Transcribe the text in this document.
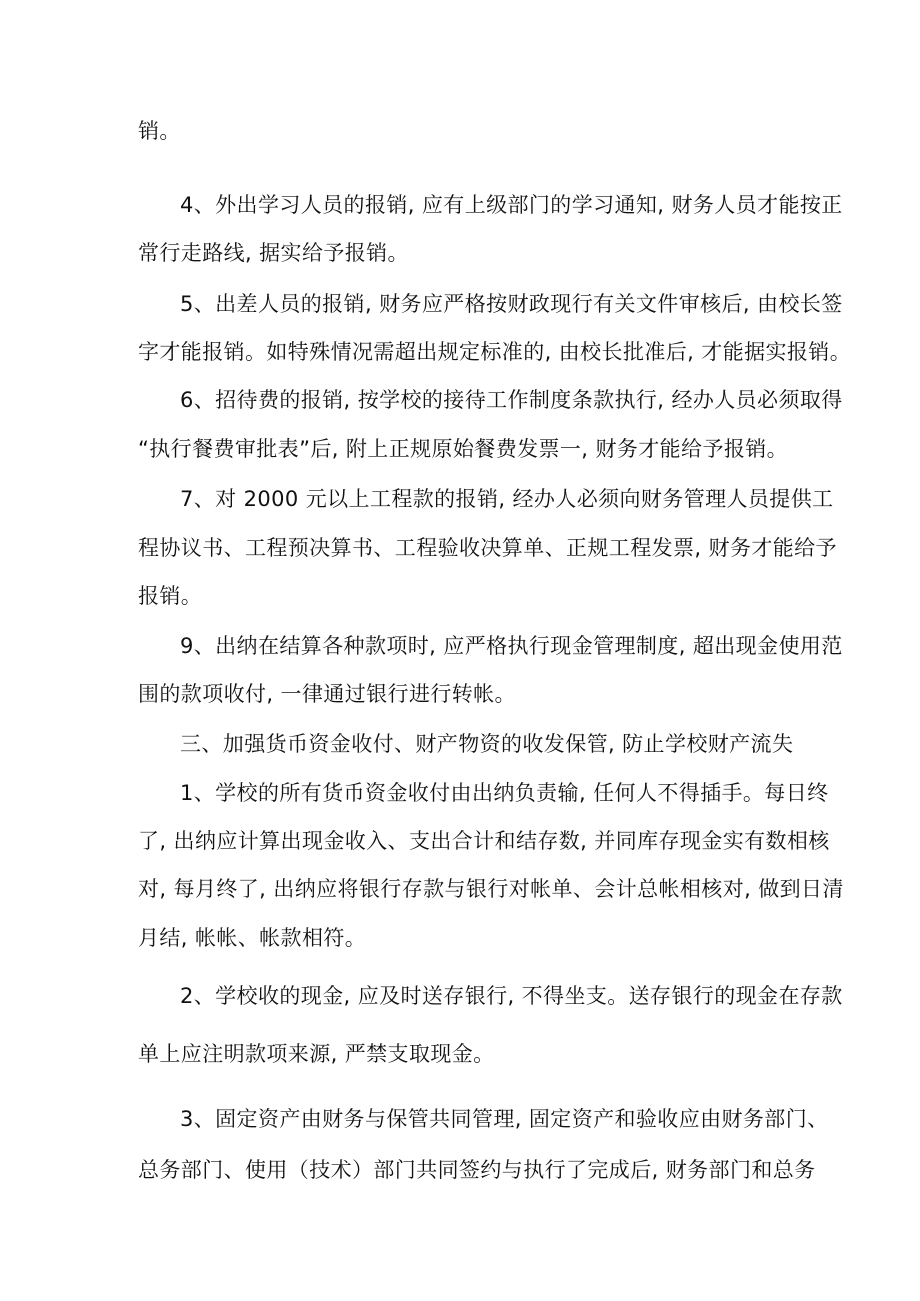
销。
4、外出学习人员的报销, 应有上级部门的学习通知, 财务人员才能按正
常行走路线, 据实给予报销。
5、出差人员的报销, 财务应严格按财政现行有关文件审核后, 由校长签
字才能报销。如特殊情况需超出规定标准的, 由校长批准后, 才能据实报销。
6、招待费的报销, 按学校的接待工作制度条款执行, 经办人员必须取得
“执行餐费审批表”后, 附上正规原始餐费发票一, 财务才能给予报销。
7、对 2000 元以上工程款的报销, 经办人必须向财务管理人员提供工
程协议书、工程预决算书、工程验收决算单、正规工程发票, 财务才能给予
报销。
9、出纳在结算各种款项时, 应严格执行现金管理制度, 超出现金使用范
围的款项收付, 一律通过银行进行转帐。
三、加强货币资金收付、财产物资的收发保管, 防止学校财产流失
1、学校的所有货币资金收付由出纳负责输, 任何人不得插手。每日终
了, 出纳应计算出现金收入、支出合计和结存数, 并同库存现金实有数相核
对, 每月终了, 出纳应将银行存款与银行对帐单、会计总帐相核对, 做到日清
月结, 帐帐、帐款相符。
2、学校收的现金, 应及时送存银行, 不得坐支。送存银行的现金在存款
单上应注明款项来源, 严禁支取现金。
3、固定资产由财务与保管共同管理, 固定资产和验收应由财务部门、
总务部门、使用（技术）部门共同签约与执行了完成后, 财务部门和总务
